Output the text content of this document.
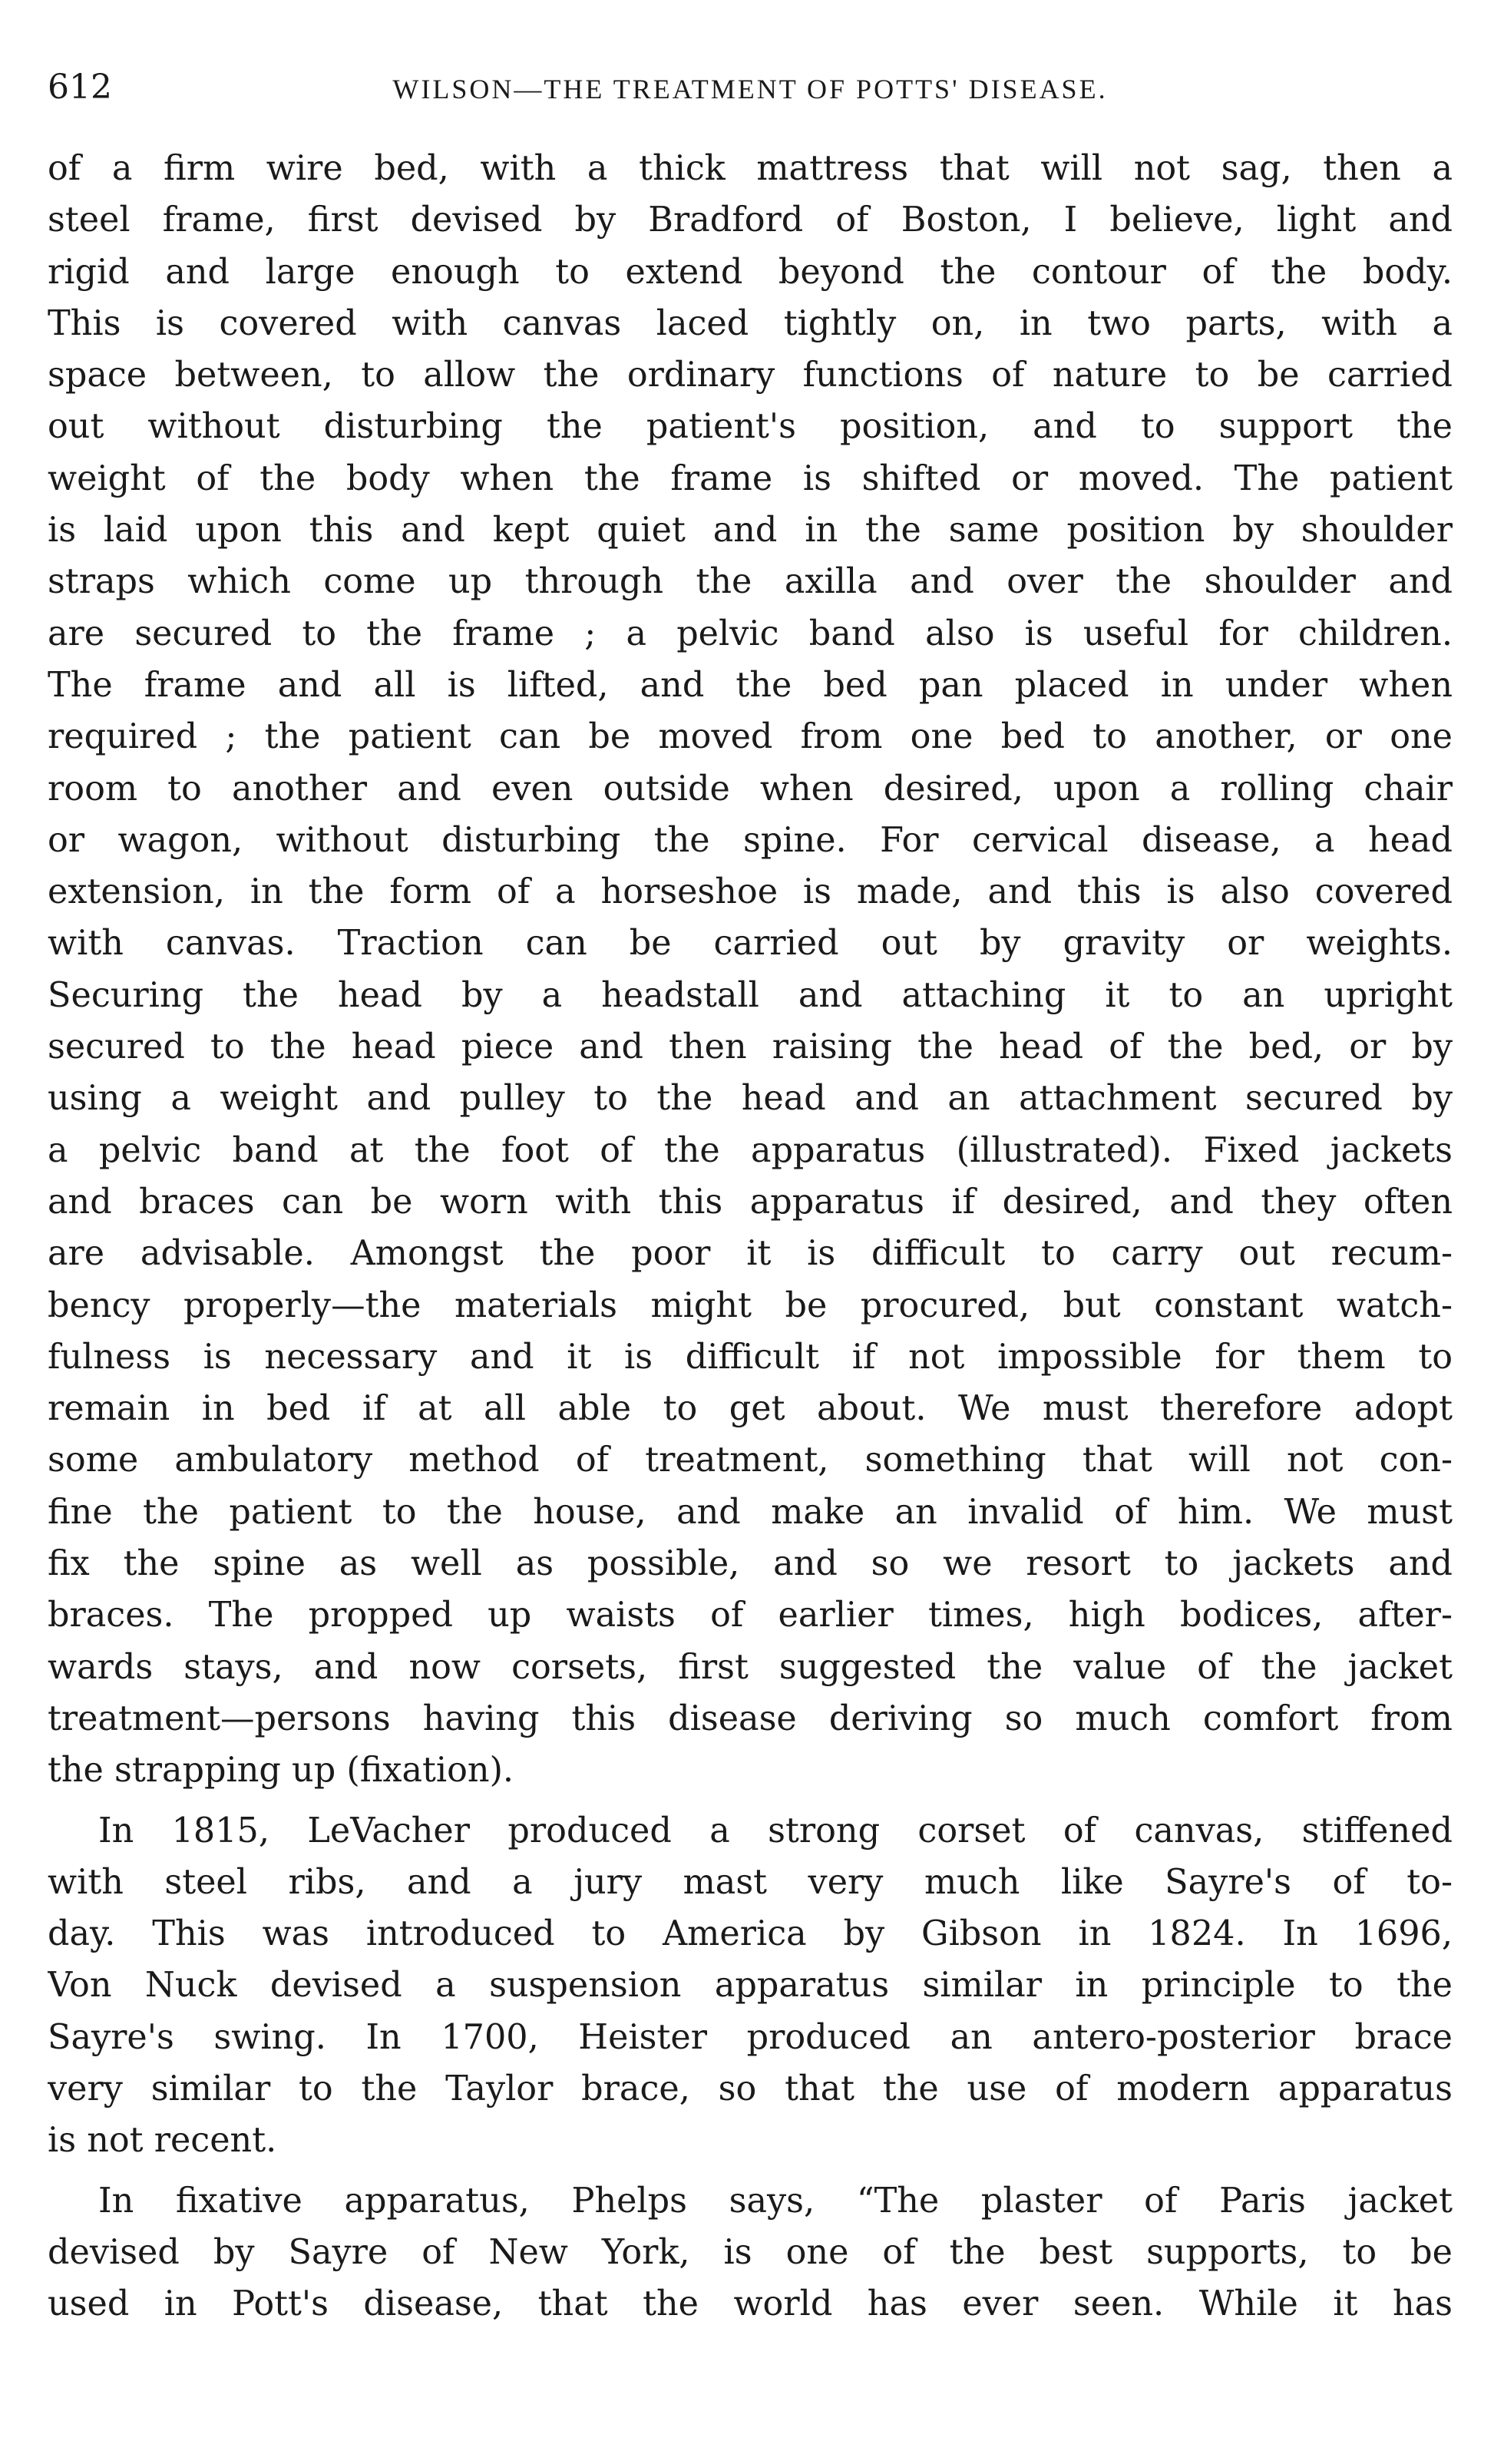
612	WILSON—THE TREATMENT OF POTTS' DISEASE.
of a firm wire bed, with a thick mattress that will not sag, then a
steel frame, first devised by Bradford of Boston, I believe, light and
rigid and large enough to extend beyond the contour of the body.
This is covered with canvas laced tightly on, in two parts, with a
space between, to allow the ordinary functions of nature to be carried
out without disturbing the patient's position, and to support the
weight of the body when the frame is shifted or moved. The patient
is laid upon this and kept quiet and in the same position by shoulder
straps which come up through the axilla and over the shoulder and
are secured to the frame ; a pelvic band also is useful for children.
The frame and all is lifted, and the bed pan placed in under when
required ; the patient can be moved from one bed to another, or one
room to another and even outside when desired, upon a rolling chair
or wagon, without disturbing the spine. For cervical disease, a head
extension, in the form of a horseshoe is made, and this is also covered
with canvas. Traction can be carried out by gravity or weights.
Securing the head by a headstall and attaching it to an upright
secured to the head piece and then raising the head of the bed, or by
using a weight and pulley to the head and an attachment secured by
a pelvic band at the foot of the apparatus (illustrated). Fixed jackets
and braces can be worn with this apparatus if desired, and they often
are advisable. Amongst the poor it is difficult to carry out recum-
bency properly—the materials might be procured, but constant watch-
fulness is necessary and it is difficult if not impossible for them to
remain in bed if at all able to get about. We must therefore adopt
some ambulatory method of treatment, something that will not con-
fine the patient to the house, and make an invalid of him. We must
fix the spine as well as possible, and so we resort to jackets and
braces. The propped up waists of earlier times, high bodices, after-
wards stays, and now corsets, first suggested the value of the jacket
treatment—persons having this disease deriving so much comfort from
the strapping up (fixation).
In 1815, LeVacher produced a strong corset of canvas, stiffened
with steel ribs, and a jury mast very much like Sayre's of to-
day. This was introduced to America by Gibson in 1824. In 1696,
Von Nuck devised a suspension apparatus similar in principle to the
Sayre's swing. In 1700, Heister produced an antero-posterior brace
very similar to the Taylor brace, so that the use of modern apparatus
is not recent.
In fixative apparatus, Phelps says, “The plaster of Paris jacket
devised by Sayre of New York, is one of the best supports, to be
used in Pott's disease, that the world has ever seen. While it has
